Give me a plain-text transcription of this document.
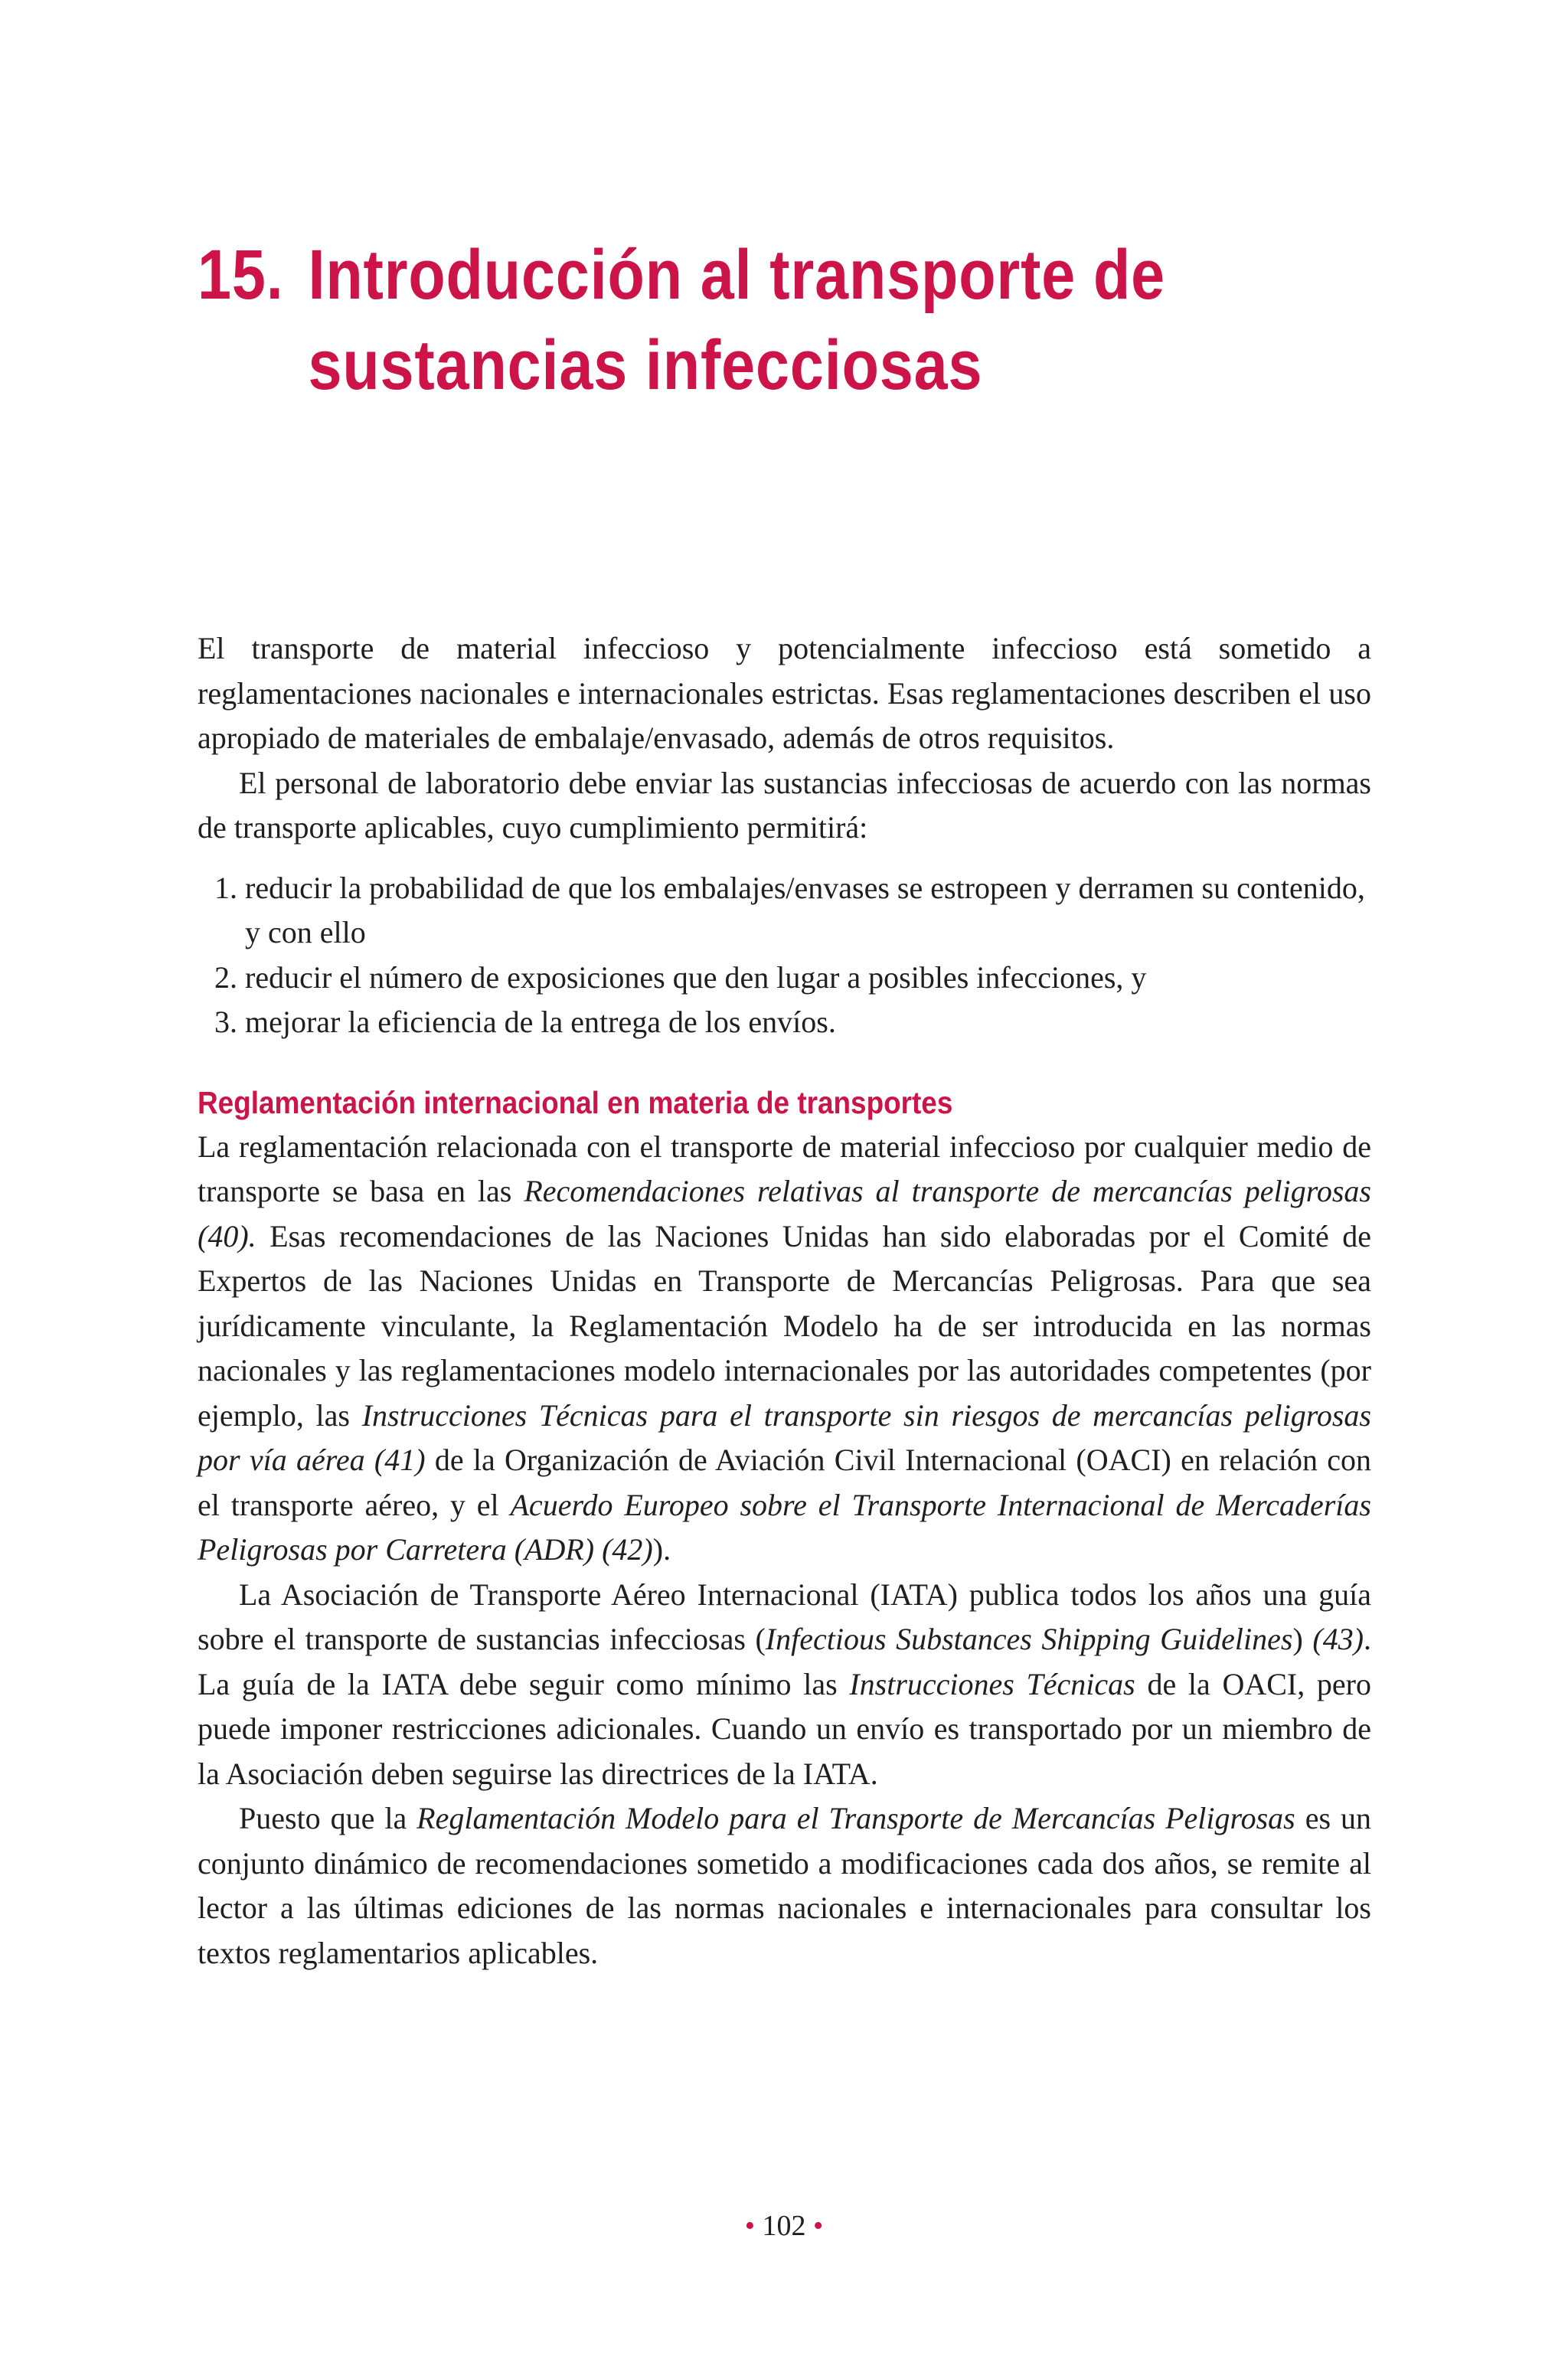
15. Introducción al transporte de
sustancias infecciosas

El transporte de material infeccioso y potencialmente infeccioso está sometido a reglamentaciones nacionales e internacionales estrictas. Esas reglamentaciones describen el uso apropiado de materiales de embalaje/envasado, además de otros requisitos.

El personal de laboratorio debe enviar las sustancias infecciosas de acuerdo con las normas de transporte aplicables, cuyo cumplimiento permitirá:

1. reducir la probabilidad de que los embalajes/envases se estropeen y derramen su contenido, y con ello
2. reducir el número de exposiciones que den lugar a posibles infecciones, y
3. mejorar la eficiencia de la entrega de los envíos.
Reglamentación internacional en materia de transportes

La reglamentación relacionada con el transporte de material infeccioso por cualquier medio de transporte se basa en las Recomendaciones relativas al transporte de mercancías peligrosas (40). Esas recomendaciones de las Naciones Unidas han sido elaboradas por el Comité de Expertos de las Naciones Unidas en Transporte de Mercancías Peligrosas. Para que sea jurídicamente vinculante, la Reglamentación Modelo ha de ser introducida en las normas nacionales y las reglamentaciones modelo internacionales por las autoridades competentes (por ejemplo, las Instrucciones Técnicas para el transporte sin riesgos de mercancías peligrosas por vía aérea (41) de la Organización de Aviación Civil Internacional (OACI) en relación con el transporte aéreo, y el Acuerdo Europeo sobre el Transporte Internacional de Mercaderías Peligrosas por Carretera (ADR) (42)).

La Asociación de Transporte Aéreo Internacional (IATA) publica todos los años una guía sobre el transporte de sustancias infecciosas (Infectious Substances Shipping Guidelines) (43). La guía de la IATA debe seguir como mínimo las Instrucciones Técnicas de la OACI, pero puede imponer restricciones adicionales. Cuando un envío es transportado por un miembro de la Asociación deben seguirse las directrices de la IATA.

Puesto que la Reglamentación Modelo para el Transporte de Mercancías Peligrosas es un conjunto dinámico de recomendaciones sometido a modificaciones cada dos años, se remite al lector a las últimas ediciones de las normas nacionales e internacionales para consultar los textos reglamentarios aplicables.

• 102 •
